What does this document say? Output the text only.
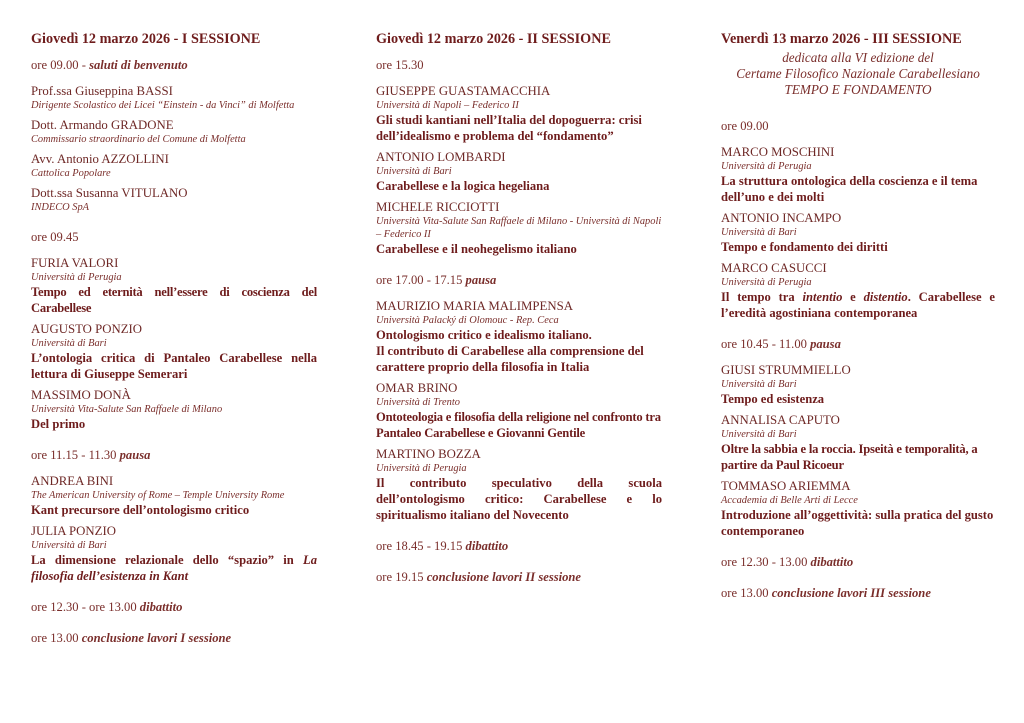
Giovedì 12 marzo 2026 - I SESSIONE
ore 09.00 - saluti di benvenuto
Prof.ssa Giuseppina BASSI
Dirigente Scolastico dei Licei “Einstein - da Vinci” di Molfetta
Dott. Armando GRADONE
Commissario straordinario del Comune di Molfetta
Avv. Antonio AZZOLLINI
Cattolica Popolare
Dott.ssa Susanna VITULANO
INDECO SpA
ore 09.45
FURIA VALORI
Università di Perugia
Tempo ed eternità nell’essere di coscienza del Carabellese
AUGUSTO PONZIO
Università di Bari
L’ontologia critica di Pantaleo Carabellese nella lettura di Giuseppe Semerari
MASSIMO DONÀ
Università Vita-Salute San Raffaele di Milano
Del primo
ore 11.15 - 11.30 pausa
ANDREA BINI
The American University of Rome – Temple University Rome
Kant precursore dell’ontologismo critico
JULIA PONZIO
Università di Bari
La dimensione relazionale dello “spazio” in La filosofia dell’esistenza in Kant
ore 12.30 - ore 13.00 dibattito
ore 13.00 conclusione lavori I sessione
Giovedì 12 marzo 2026 - II SESSIONE
ore 15.30
GIUSEPPE GUASTAMACCHIA
Università di Napoli – Federico II
Gli studi kantiani nell’Italia del dopoguerra: crisi dell’idealismo e problema del “fondamento”
ANTONIO LOMBARDI
Università di Bari
Carabellese e la logica hegeliana
MICHELE RICCIOTTI
Università Vita-Salute San Raffaele di Milano - Università di Napoli – Federico II
Carabellese e il neohegelismo italiano
ore 17.00 - 17.15 pausa
MAURIZIO MARIA MALIMPENSA
Università Palacký di Olomouc - Rep. Ceca
Ontologismo critico e idealismo italiano.
Il contributo di Carabellese alla comprensione del carattere proprio della filosofia in Italia
OMAR BRINO
Università di Trento
Ontoteologia e filosofia della religione nel confronto tra Pantaleo Carabellese e Giovanni Gentile
MARTINO BOZZA
Università di Perugia
Il contributo speculativo della scuola dell’ontologismo critico: Carabellese e lo spiritualismo italiano del Novecento
ore 18.45 - 19.15 dibattito
ore 19.15 conclusione lavori II sessione
Venerdì 13 marzo 2026 - III SESSIONE
dedicata alla VI edizione del
Certame Filosofico Nazionale Carabellesiano
TEMPO E FONDAMENTO
ore 09.00
MARCO MOSCHINI
Università di Perugia
La struttura ontologica della coscienza e il tema dell’uno e dei molti
ANTONIO INCAMPO
Università di Bari
Tempo e fondamento dei diritti
MARCO CASUCCI
Università di Perugia
Il tempo tra intentio e distentio. Carabellese e l’eredità agostiniana contemporanea
ore 10.45 - 11.00 pausa
GIUSI STRUMMIELLO
Università di Bari
Tempo ed esistenza
ANNALISA CAPUTO
Università di Bari
Oltre la sabbia e la roccia. Ipseità e temporalità, a partire da Paul Ricoeur
TOMMASO ARIEMMA
Accademia di Belle Arti di Lecce
Introduzione all’oggettività: sulla pratica del gusto contemporaneo
ore 12.30 - 13.00 dibattito
ore 13.00 conclusione lavori III sessione
